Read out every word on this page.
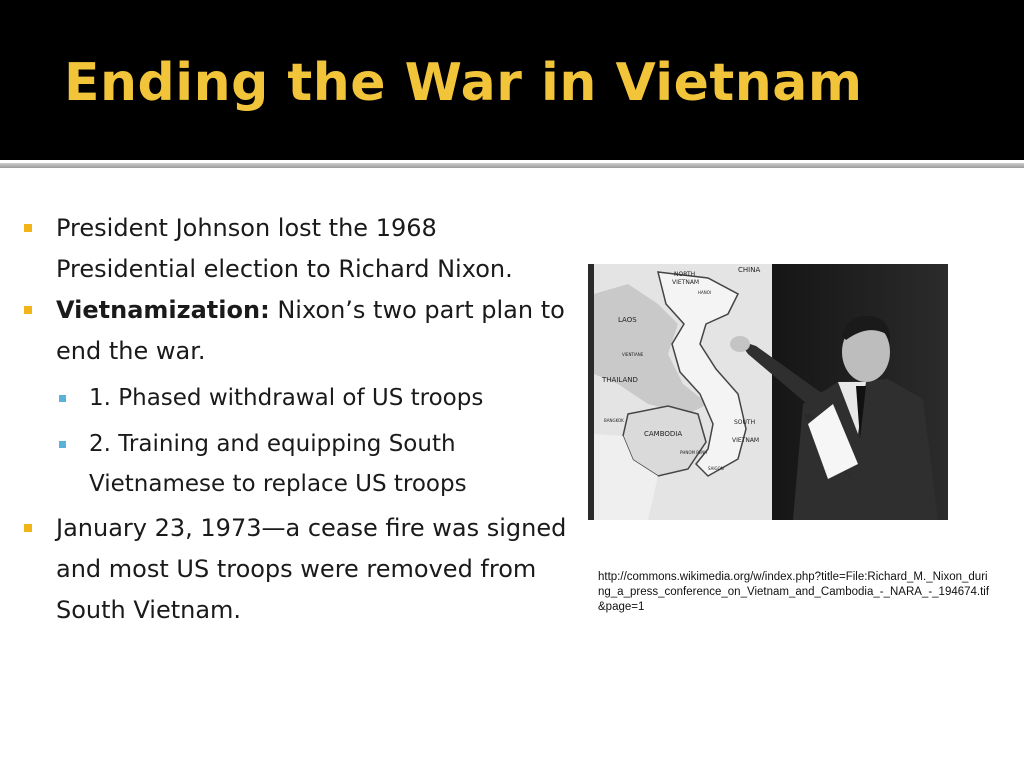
Ending the War in Vietnam
President Johnson lost the 1968 Presidential election to Richard Nixon.
Vietnamization: Nixon’s two part plan to end the war.
1. Phased withdrawal of US troops
2. Training and equipping South Vietnamese to replace US troops
January 23, 1973—a cease fire was signed and most US troops were removed from South Vietnam.
CHINA
NORTH
VIETNAM
HANOI
LAOS
VIENTIANE
THAILAND
BANGKOK
CAMBODIA
SOUTH
VIETNAM
PHNOM PENH
SAIGON
http://commons.wikimedia.org/w/index.php?title=File:Richard_M._Nixon_during_a_press_conference_on_Vietnam_and_Cambodia_-_NARA_-_194674.tif&page=1
